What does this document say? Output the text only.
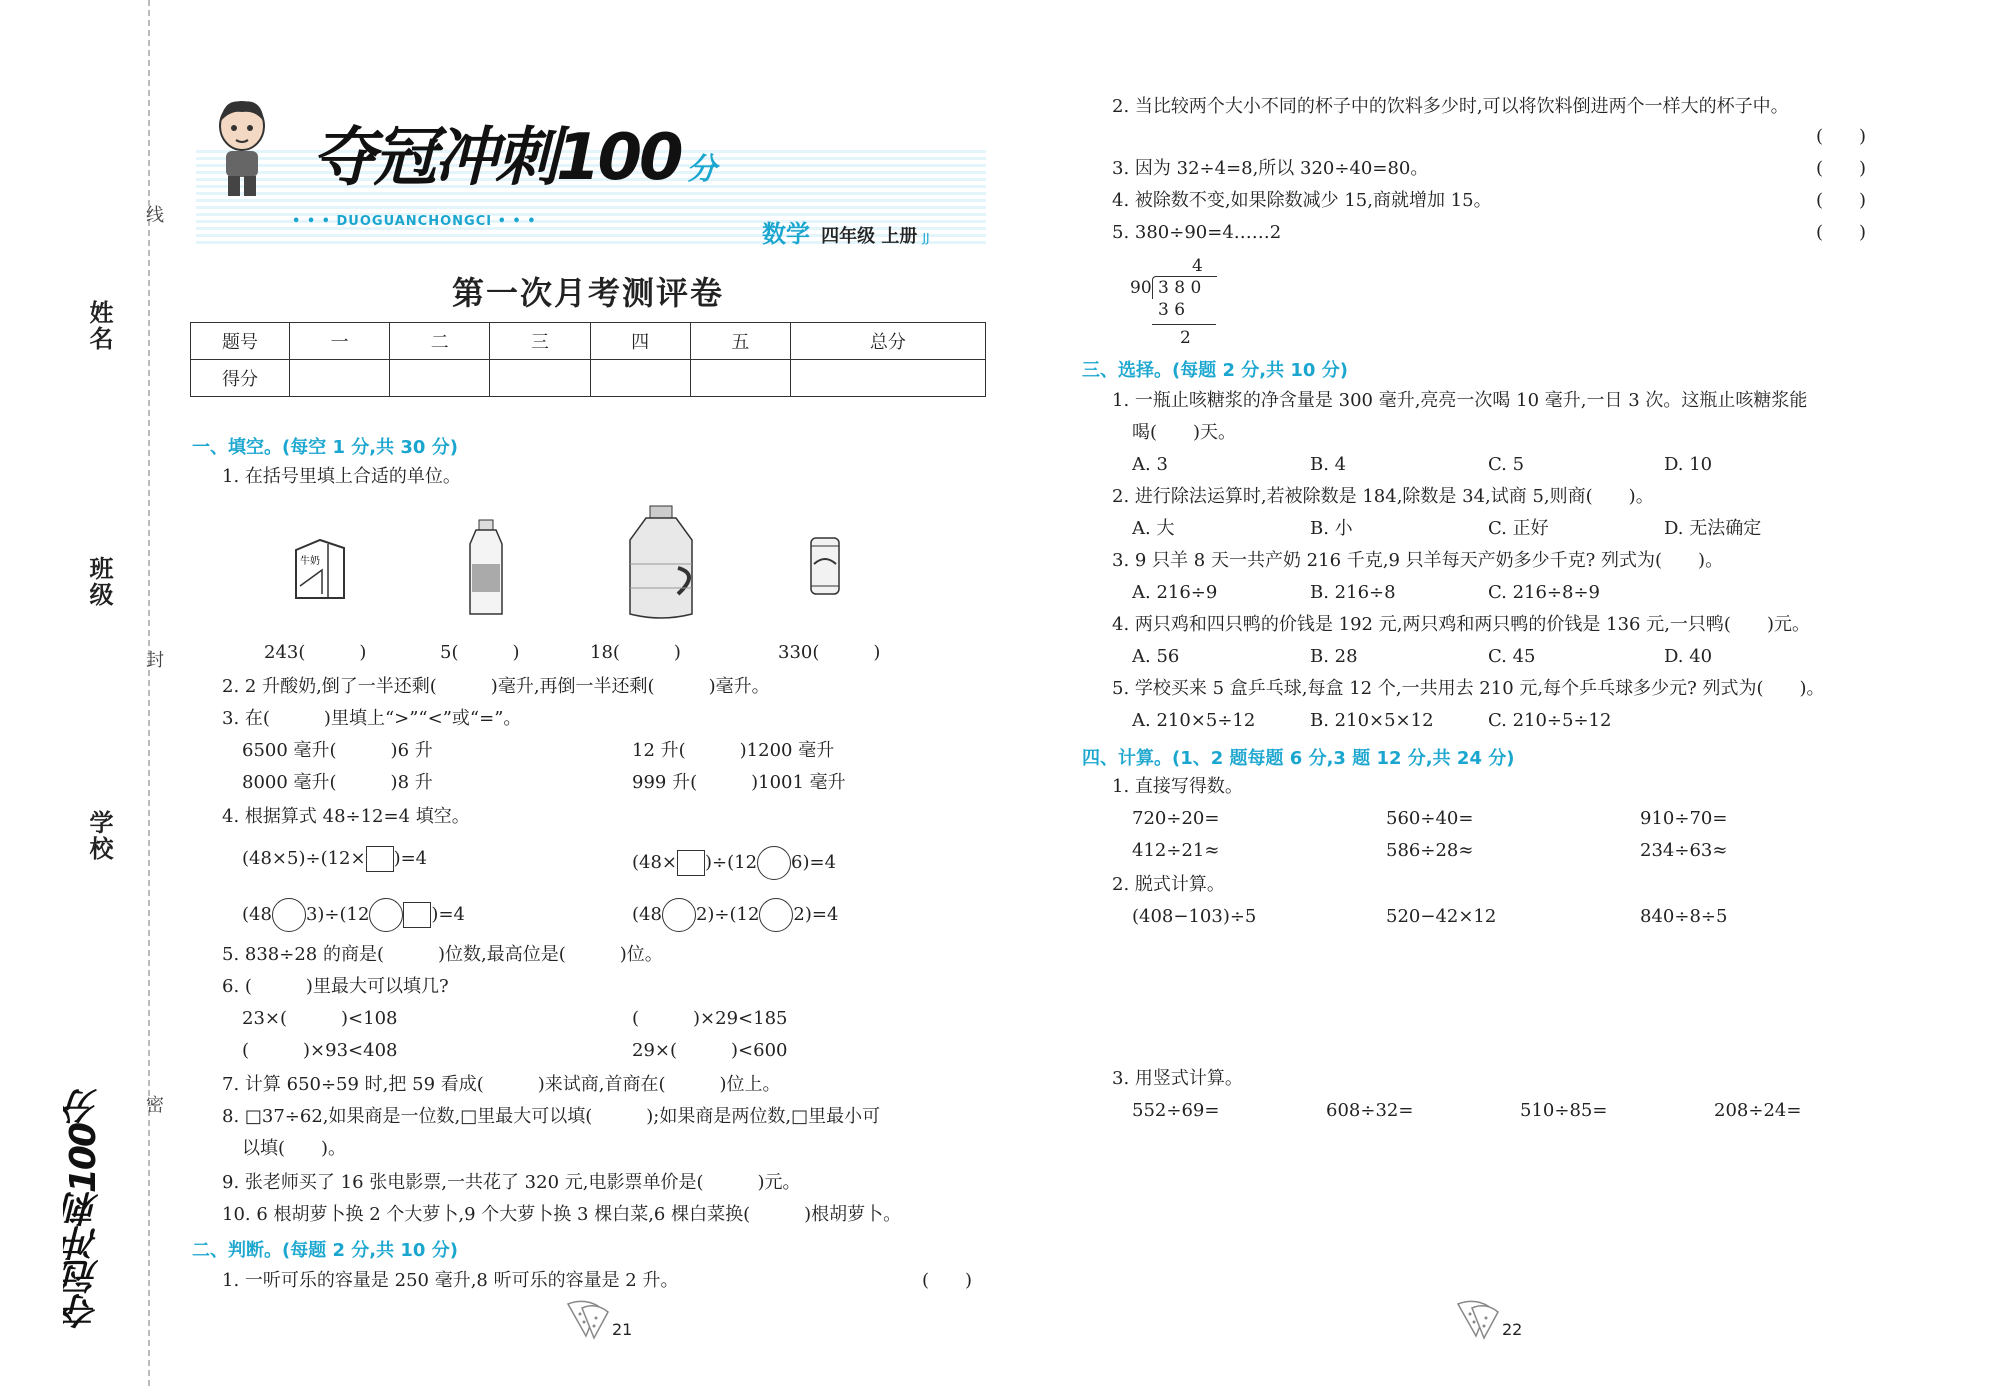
姓名
班级
学校
线
封
密
夺冠冲刺100分
夺冠冲刺100 分
• • • DUOGUANCHONGCI • • •	数学 四年级 上册 JJ
第一次月考测评卷
题号	一	二	三	四	五	总分
得分						
一、填空。(每空 1 分,共 30 分)
1. 在括号里填上合适的单位。
牛奶
243(　　　)	5(　　　)	18(　　　)	330(　　　)
2. 2 升酸奶,倒了一半还剩(　　　)毫升,再倒一半还剩(　　　)毫升。
3. 在(　　　)里填上“>”“<”或“=”。
6500 毫升(　　　)6 升	12 升(　　　)1200 毫升
8000 毫升(　　　)8 升	999 升(　　　)1001 毫升
4. 根据算式 48÷12=4 填空。
(48×5)÷(12× )=4	(48× )÷(12 6)=4
(48 3)÷(12	)=4	(48 2)÷(12 2)=4
5. 838÷28 的商是(　　　)位数,最高位是(　　　)位。
6. (　　　)里最大可以填几?
23×(　　　)<108	(　　　)×29<185
(　　　)×93<408	29×(　　　)<600
7. 计算 650÷59 时,把 59 看成(　　　)来试商,首商在(　　　)位上。
8. □37÷62,如果商是一位数,□里最大可以填(　　　);如果商是两位数,□里最小可
以填(　　)。
9. 张老师买了 16 张电影票,一共花了 320 元,电影票单价是(　　　)元。
10. 6 根胡萝卜换 2 个大萝卜,9 个大萝卜换 3 棵白菜,6 棵白菜换(　　　)根胡萝卜。
二、判断。(每题 2 分,共 10 分)
1. 一听可乐的容量是 250 毫升,8 听可乐的容量是 2 升。	(　　)
21
2. 当比较两个大小不同的杯子中的饮料多少时,可以将饮料倒进两个一样大的杯子中。
(　　)
3. 因为 32÷4=8,所以 320÷40=80。	(　　)
4. 被除数不变,如果除数减少 15,商就增加 15。	(　　)
5. 380÷90=4……2	(　　)
4
90 3 8 0
3 6
2
三、选择。(每题 2 分,共 10 分)
1. 一瓶止咳糖浆的净含量是 300 毫升,亮亮一次喝 10 毫升,一日 3 次。这瓶止咳糖浆能
喝(　　)天。
A. 3	B. 4	C. 5	D. 10
2. 进行除法运算时,若被除数是 184,除数是 34,试商 5,则商(　　)。
A. 大	B. 小	C. 正好	D. 无法确定
3. 9 只羊 8 天一共产奶 216 千克,9 只羊每天产奶多少千克? 列式为(　　)。
A. 216÷9	B. 216÷8	C. 216÷8÷9
4. 两只鸡和四只鸭的价钱是 192 元,两只鸡和两只鸭的价钱是 136 元,一只鸭(　　)元。
A. 56	B. 28	C. 45	D. 40
5. 学校买来 5 盒乒乓球,每盒 12 个,一共用去 210 元,每个乒乓球多少元? 列式为(　　)。
A. 210×5÷12	B. 210×5×12	C. 210÷5÷12
四、计算。(1、2 题每题 6 分,3 题 12 分,共 24 分)
1. 直接写得数。
720÷20=	560÷40=	910÷70=
412÷21≈	586÷28≈	234÷63≈
2. 脱式计算。
(408−103)÷5	520−42×12	840÷8÷5
3. 用竖式计算。
552÷69=	608÷32=	510÷85=	208÷24=
22
